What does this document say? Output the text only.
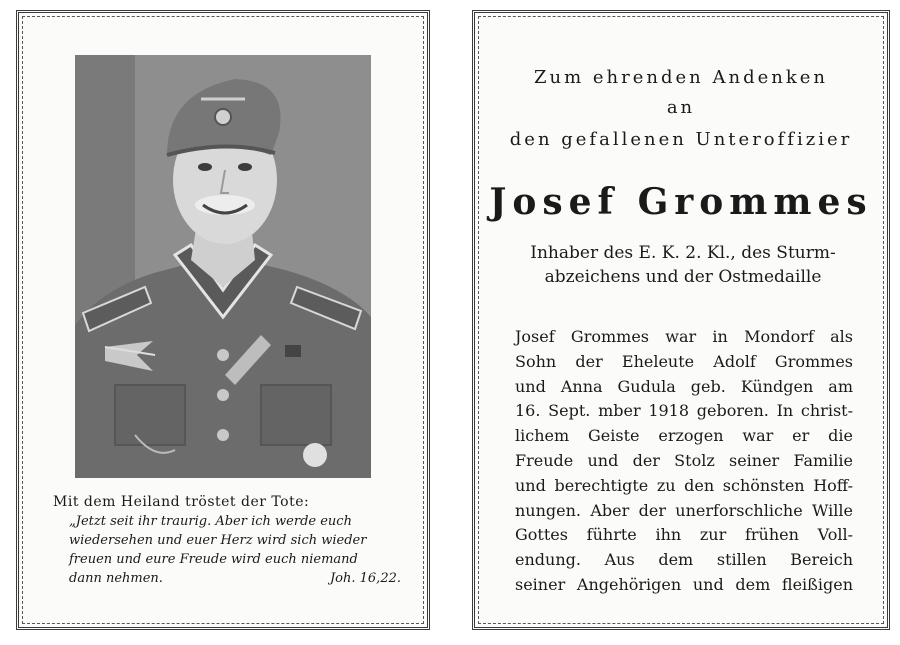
Mit dem Heiland tröstet der Tote:
„Jetzt seit ihr traurig. Aber ich werde euch
wiedersehen und euer Herz wird sich wieder
freuen und eure Freude wird euch niemand
dann nehmen.	Joh. 16,22.
Zum ehrenden Andenken
an
den gefallenen Unteroffizier
Josef Grommes
Inhaber des E. K. 2. Kl., des Sturm-
abzeichens und der Ostmedaille
Josef Grommes war in Mondorf als
Sohn der Eheleute Adolf Grommes
und Anna Gudula geb. Kündgen am
16. Sept. mber 1918 geboren. In christ-
lichem Geiste erzogen war er die
Freude und der Stolz seiner Familie
und berechtigte zu den schönsten Hoff-
nungen. Aber der unerforschliche Wille
Gottes führte ihn zur frühen Voll-
endung. Aus dem stillen Bereich
seiner Angehörigen und dem fleißigen
